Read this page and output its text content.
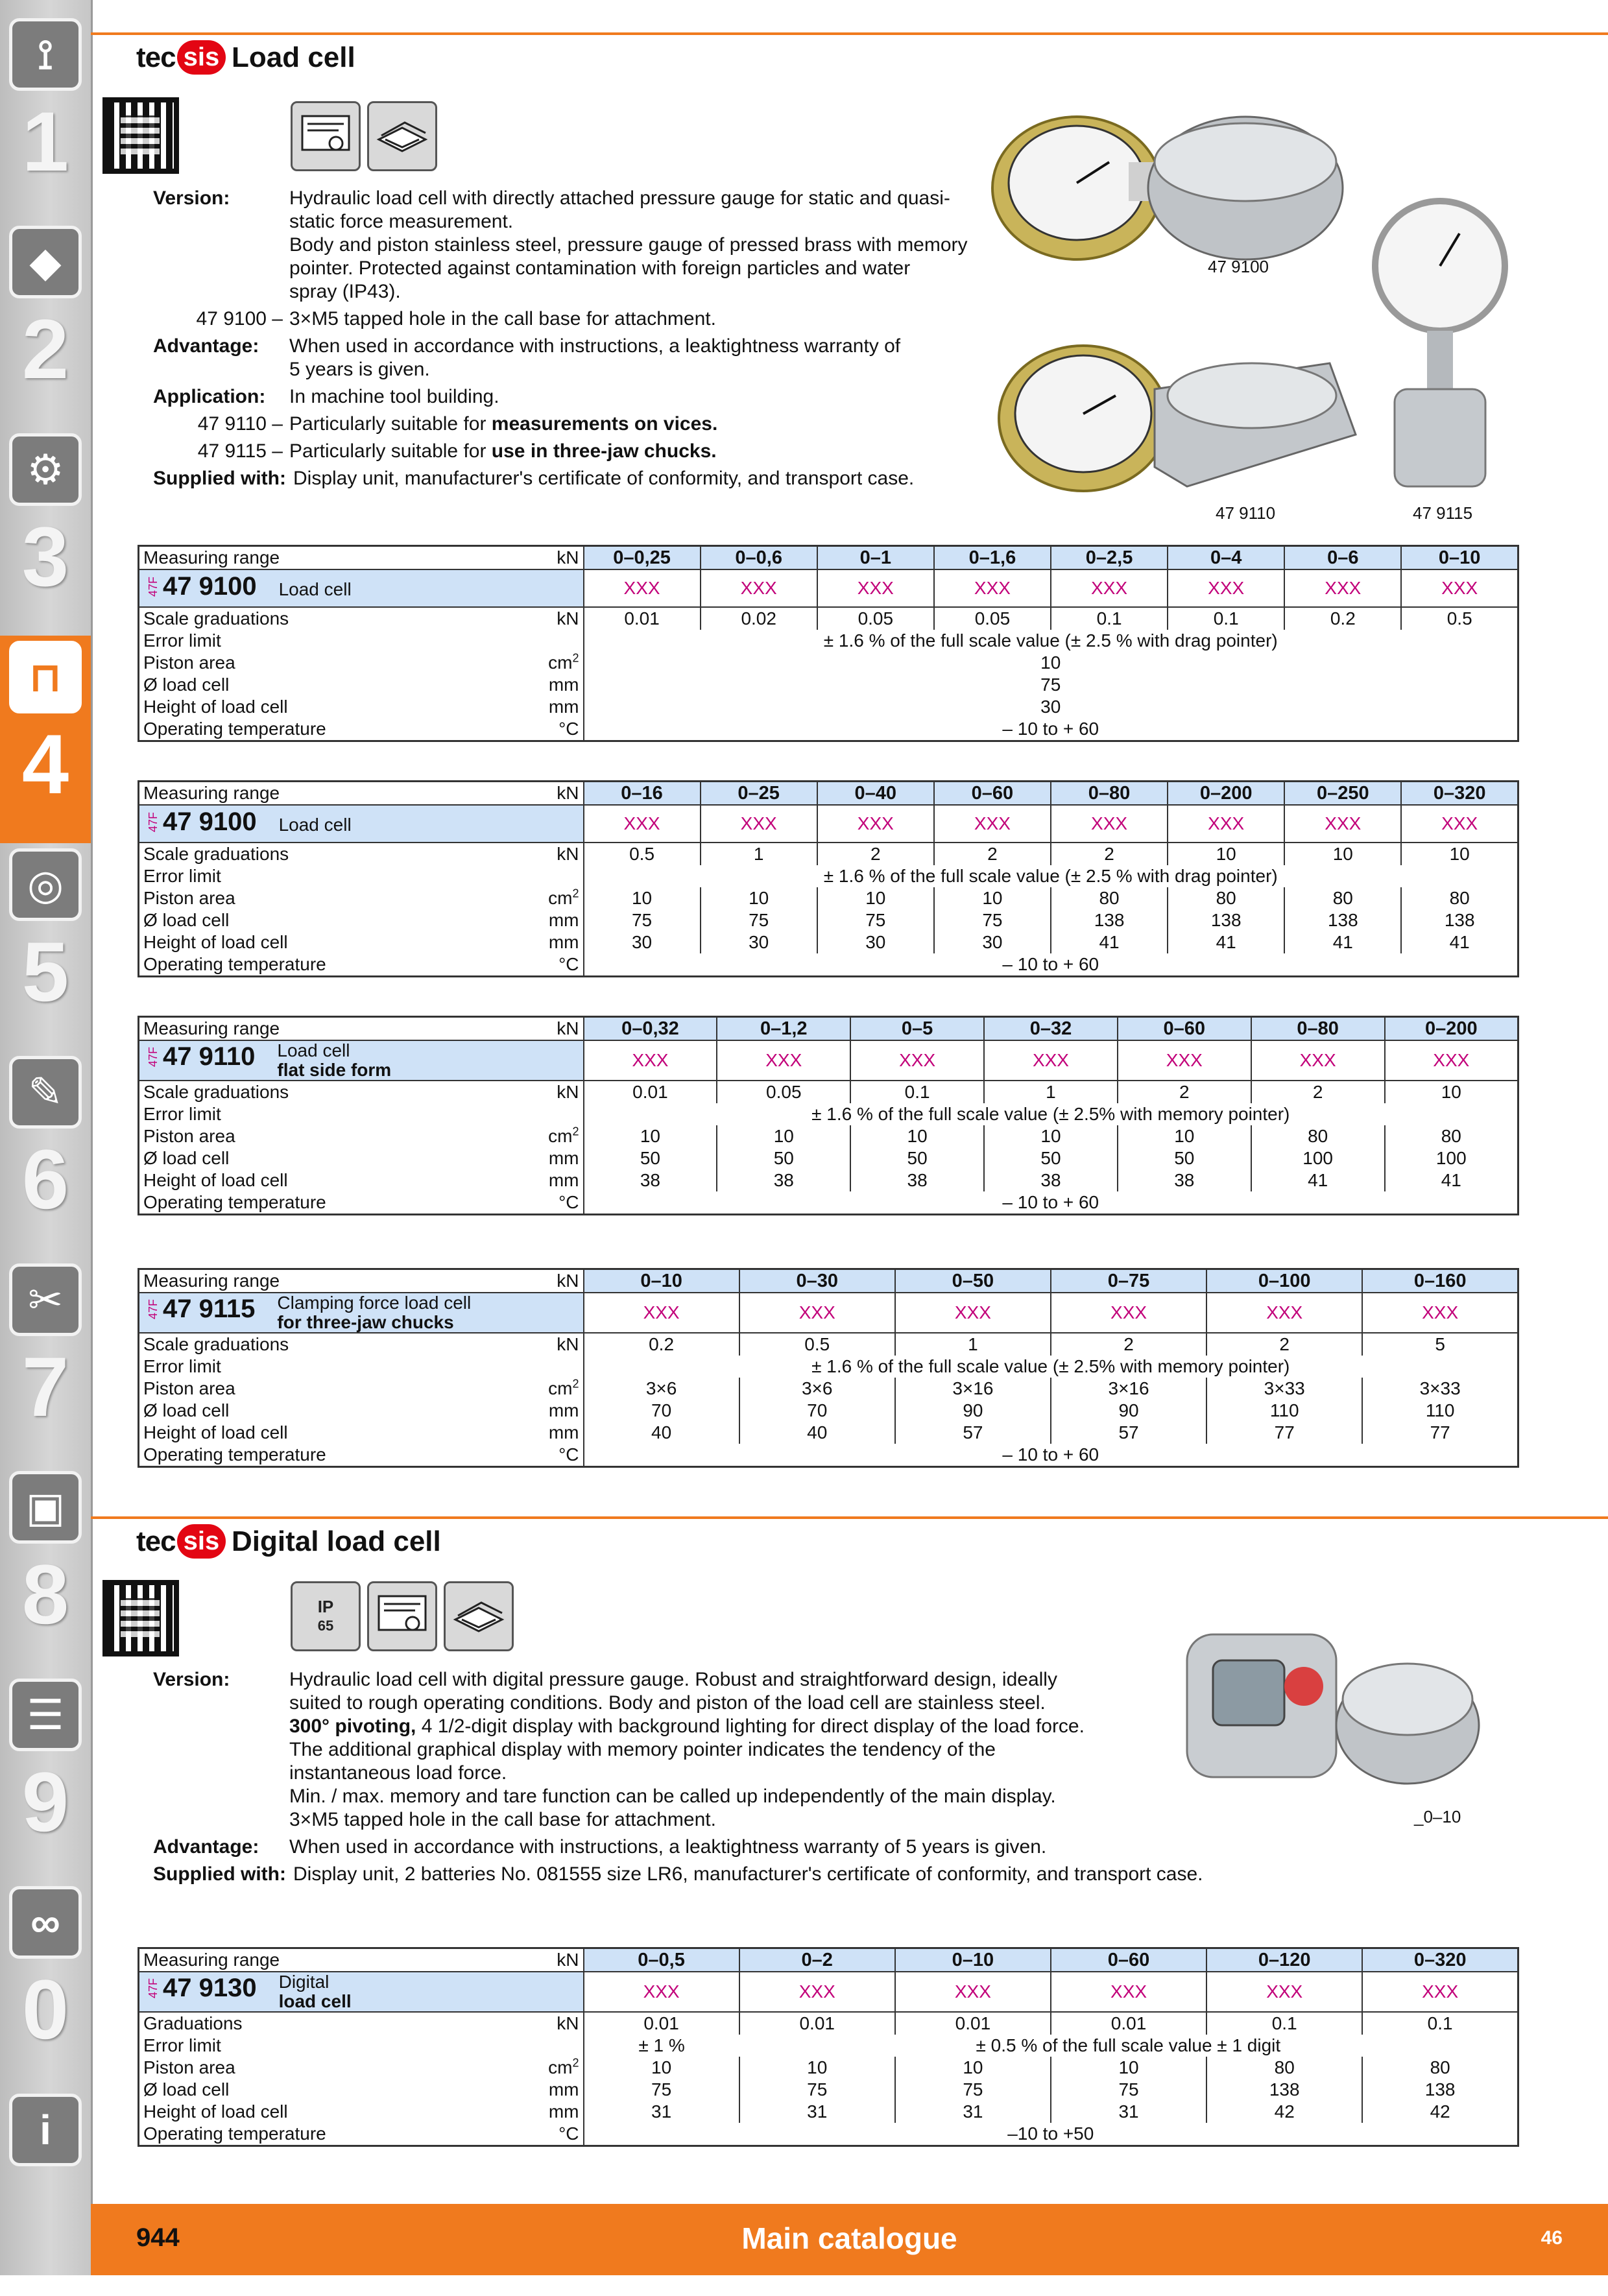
⟟
1
◆
2
⚙
3
⊓
4
◎
5
✎
6
✂
7
▣
8
☰
9
∞
0
i
tec sis Load cell
Version:	Hydraulic load cell with directly attached pressure gauge for static and quasi-
static force measurement.
Body and piston stainless steel, pressure gauge of pressed brass with memory
pointer. Protected against contamination with foreign particles and water
spray (IP43).
47 9100 – 3×M5 tapped hole in the call base for attachment.
Advantage:	When used in accordance with instructions, a leaktightness warranty of
5 years is given.
Application:	In machine tool building.
47 9110 – Particularly suitable for measurements on vices.
47 9115 – Particularly suitable for use in three-jaw chucks.
Supplied with: Display unit, manufacturer's certificate of conformity, and transport case.
47 9100
47 9110	47 9115
Measuring range	kN	0–0,25	0–0,6	0–1	0–1,6	0–2,5	0–4	0–6	0–10
47F 47 9100 Load cell		XXX	XXX	XXX	XXX	XXX	XXX	XXX	XXX
Scale graduations	kN	0.01	0.02	0.05	0.05	0.1	0.1	0.2	0.5
Error limit		± 1.6 % of the full scale value (± 2.5 % with drag pointer)							
Piston area	$cm^2$	10							
Ø load cell	mm	75							
Height of load cell	mm	30							
Operating temperature	°C	– 10 to + 60							
Measuring range	kN	0–16	0–25	0–40	0–60	0–80	0–200	0–250	0–320
47F 47 9100 Load cell		XXX	XXX	XXX	XXX	XXX	XXX	XXX	XXX
Scale graduations	kN	0.5	1	2	2	2	10	10	10
Error limit		± 1.6 % of the full scale value (± 2.5 % with drag pointer)							
Piston area	$cm^2$	10	10	10	10	80	80	80	80
Ø load cell	mm	75	75	75	75	138	138	138	138
Height of load cell	mm	30	30	30	30	41	41	41	41
Operating temperature	°C	– 10 to + 60							
Measuring range	kN	0–0,32	0–1,2	0–5	0–32	0–60	0–80	0–200
47F 47 9110 Load cell
flat side form		XXX	XXX	XXX	XXX	XXX	XXX	XXX
Scale graduations	kN	0.01	0.05	0.1	1	2	2	10
Error limit		± 1.6 % of the full scale value (± 2.5% with memory pointer)						
Piston area	$cm^2$	10	10	10	10	10	80	80
Ø load cell	mm	50	50	50	50	50	100	100
Height of load cell	mm	38	38	38	38	38	41	41
Operating temperature	°C	– 10 to + 60						
Measuring range	kN	0–10	0–30	0–50	0–75	0–100	0–160
47F 47 9115 Clamping force load cell
for three-jaw chucks		XXX	XXX	XXX	XXX	XXX	XXX
Scale graduations	kN	0.2	0.5	1	2	2	5
Error limit		± 1.6 % of the full scale value (± 2.5% with memory pointer)					
Piston area	$cm^2$	3×6	3×6	3×16	3×16	3×33	3×33
Ø load cell	mm	70	70	90	90	110	110
Height of load cell	mm	40	40	57	57	77	77
Operating temperature	°C	– 10 to + 60					
tec sis Digital load cell
IP
65
Version:	Hydraulic load cell with digital pressure gauge. Robust and straightforward design, ideally
suited to rough operating conditions. Body and piston of the load cell are stainless steel.
300° pivoting, 4 1/2-digit display with background lighting for direct display of the load force.
The additional graphical display with memory pointer indicates the tendency of the
instantaneous load force.
Min. / max. memory and tare function can be called up independently of the main display.
3×M5 tapped hole in the call base for attachment.
Advantage:	When used in accordance with instructions, a leaktightness warranty of 5 years is given.
Supplied with: Display unit, 2 batteries No. 081555 size LR6, manufacturer's certificate of conformity, and transport case.
_0–10
Measuring range	kN	0–0,5	0–2	0–10	0–60	0–120	0–320
47F 47 9130 Digital
load cell		XXX	XXX	XXX	XXX	XXX	XXX
Graduations	kN	0.01	0.01	0.01	0.01	0.1	0.1
Error limit		± 1 %	± 0.5 % of the full scale value ± 1 digit				
Piston area	$cm^2$	10	10	10	10	80	80
Ø load cell	mm	75	75	75	75	138	138
Height of load cell	mm	31	31	31	31	42	42
Operating temperature	°C	–10 to +50					
Main catalogue
944	46
